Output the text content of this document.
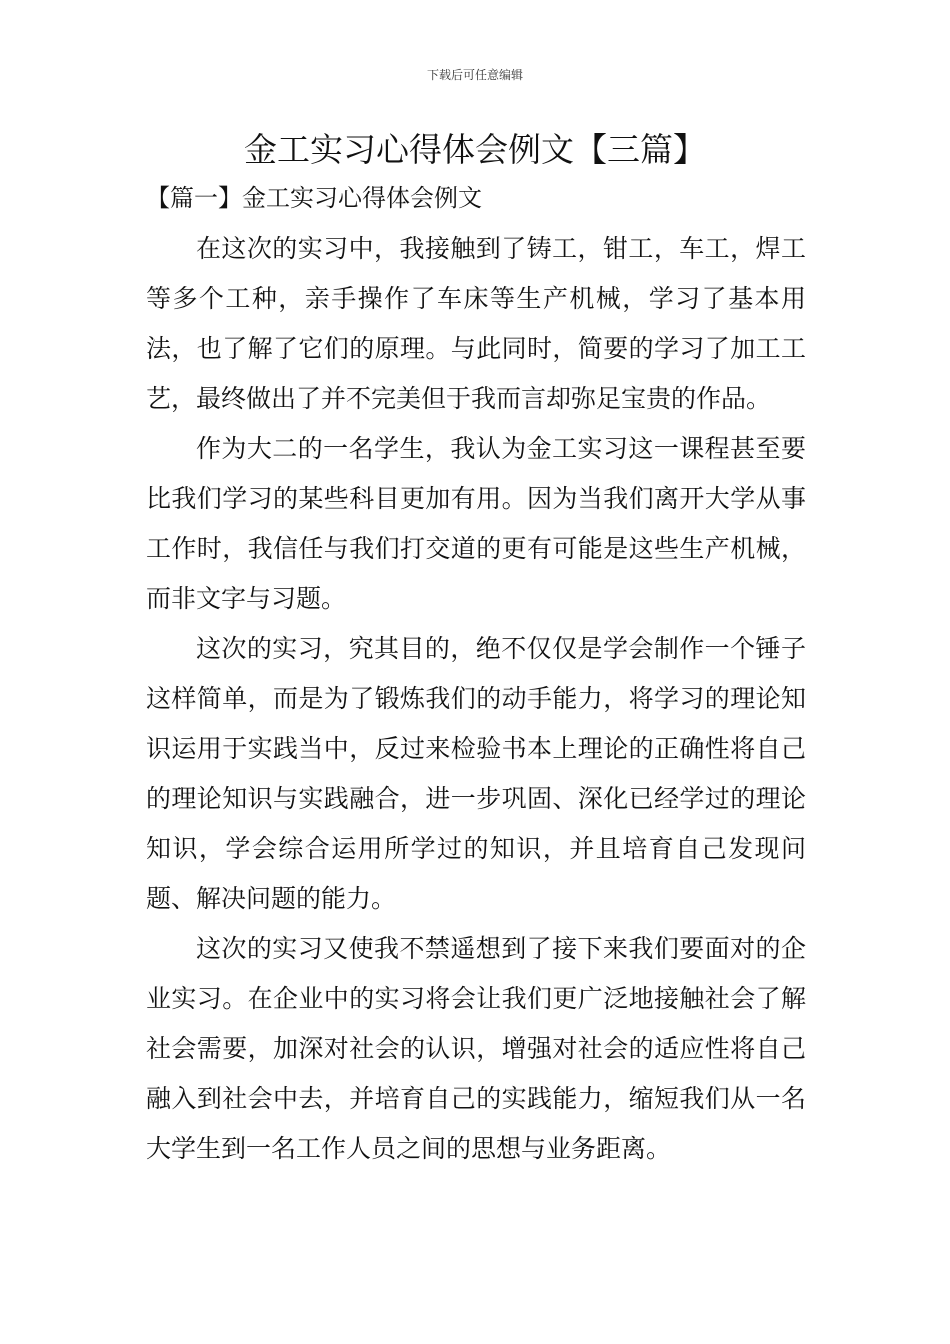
下载后可任意编辑
金工实习心得体会例文【三篇】
【篇一】金工实习心得体会例文

在这次的实习中，我接触到了铸工，钳工，车工，焊工等多个工种，亲手操作了车床等生产机械，学习了基本用法，也了解了它们的原理。与此同时，简要的学习了加工工艺，最终做出了并不完美但于我而言却弥足宝贵的作品。

作为大二的一名学生，我认为金工实习这一课程甚至要比我们学习的某些科目更加有用。因为当我们离开大学从事工作时，我信任与我们打交道的更有可能是这些生产机械，而非文字与习题。

这次的实习，究其目的，绝不仅仅是学会制作一个锤子这样简单，而是为了锻炼我们的动手能力，将学习的理论知识运用于实践当中，反过来检验书本上理论的正确性将自己的理论知识与实践融合，进一步巩固、深化已经学过的理论知识，学会综合运用所学过的知识，并且培育自己发现问题、解决问题的能力。

这次的实习又使我不禁遥想到了接下来我们要面对的企业实习。在企业中的实习将会让我们更广泛地接触社会了解社会需要，加深对社会的认识，增强对社会的适应性将自己融入到社会中去，并培育自己的实践能力，缩短我们从一名大学生到一名工作人员之间的思想与业务距离。
